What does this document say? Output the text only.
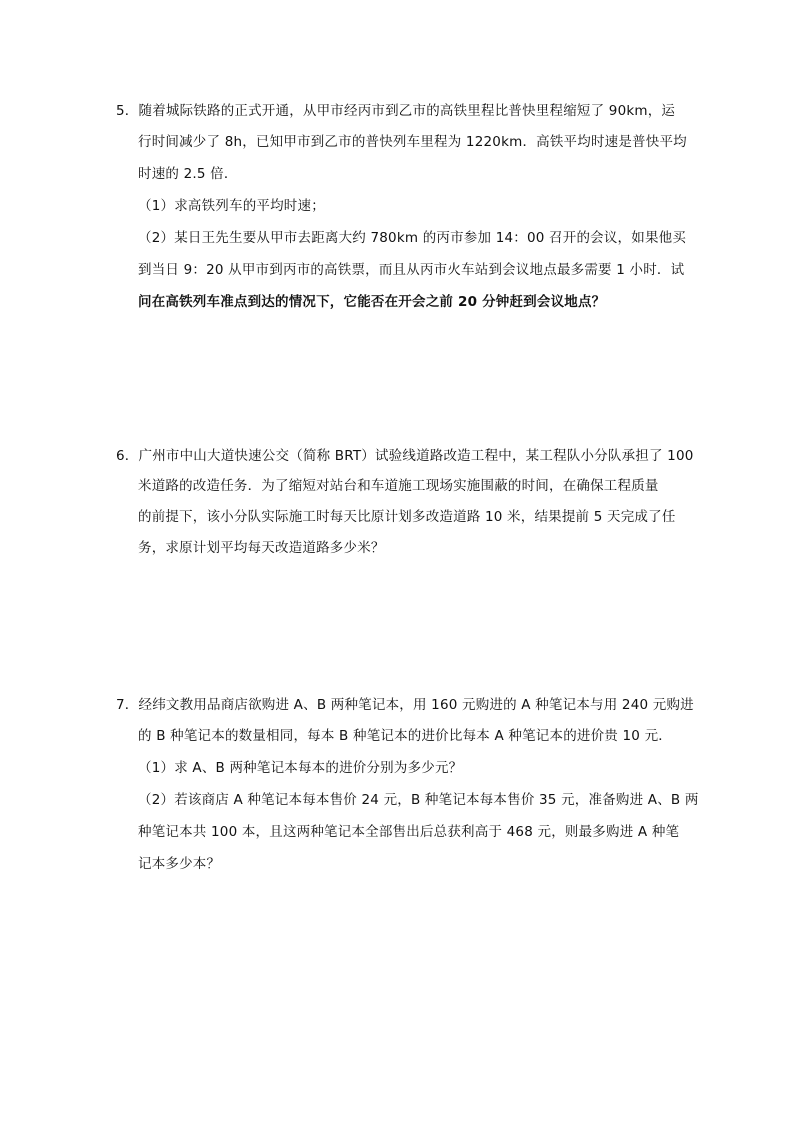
5．随着城际铁路的正式开通，从甲市经丙市到乙市的高铁里程比普快里程缩短了 90km，运
行时间减少了 8h，已知甲市到乙市的普快列车里程为 1220km．高铁平均时速是普快平均
时速的 2.5 倍．
（1）求高铁列车的平均时速；
（2）某日王先生要从甲市去距离大约 780km 的丙市参加 14：00 召开的会议，如果他买
到当日 9：20 从甲市到丙市的高铁票，而且从丙市火车站到会议地点最多需要 1 小时．试
问在高铁列车准点到达的情况下，它能否在开会之前 20 分钟赶到会议地点？
6．广州市中山大道快速公交（简称 BRT）试验线道路改造工程中，某工程队小分队承担了 100
米道路的改造任务．为了缩短对站台和车道施工现场实施围蔽的时间，在确保工程质量
的前提下，该小分队实际施工时每天比原计划多改造道路 10 米，结果提前 5 天完成了任
务，求原计划平均每天改造道路多少米？
7．经纬文教用品商店欲购进 A、B 两种笔记本，用 160 元购进的 A 种笔记本与用 240 元购进
的 B 种笔记本的数量相同，每本 B 种笔记本的进价比每本 A 种笔记本的进价贵 10 元．
（1）求 A、B 两种笔记本每本的进价分别为多少元？
（2）若该商店 A 种笔记本每本售价 24 元，B 种笔记本每本售价 35 元，准备购进 A、B 两
种笔记本共 100 本，且这两种笔记本全部售出后总获利高于 468 元，则最多购进 A 种笔
记本多少本？
